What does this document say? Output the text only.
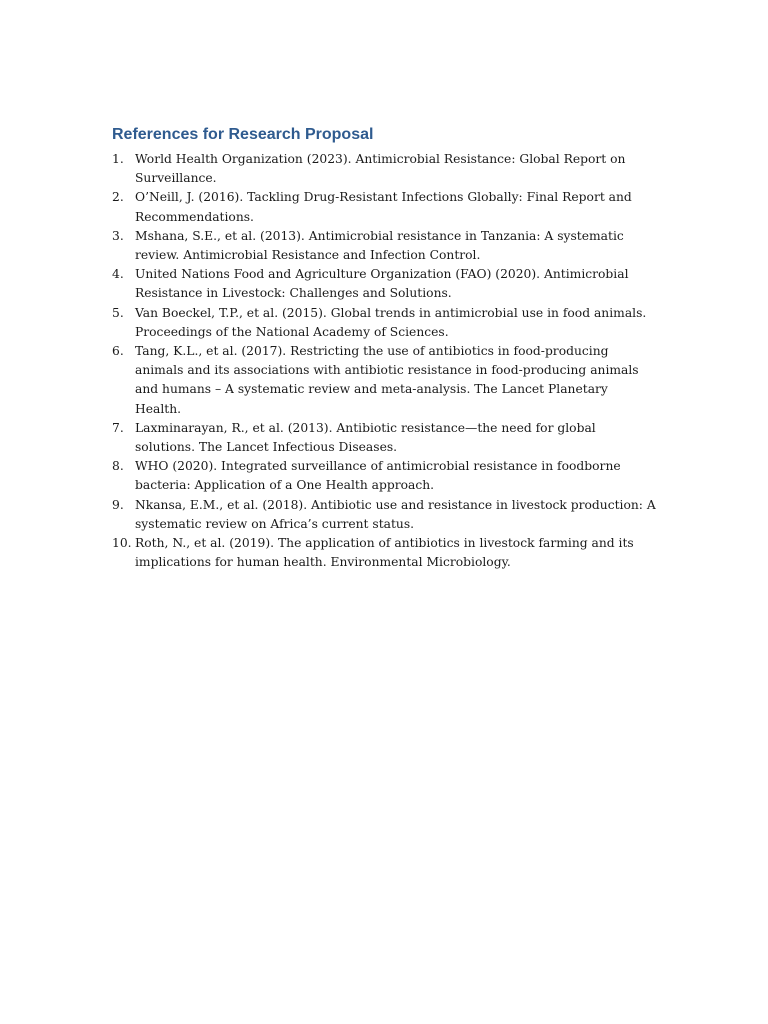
References for Research Proposal
1. World Health Organization (2023). Antimicrobial Resistance: Global Report on Surveillance.
2. O’Neill, J. (2016). Tackling Drug-Resistant Infections Globally: Final Report and Recommendations.
3. Mshana, S.E., et al. (2013). Antimicrobial resistance in Tanzania: A systematic review. Antimicrobial Resistance and Infection Control.
4. United Nations Food and Agriculture Organization (FAO) (2020). Antimicrobial Resistance in Livestock: Challenges and Solutions.
5. Van Boeckel, T.P., et al. (2015). Global trends in antimicrobial use in food animals. Proceedings of the National Academy of Sciences.
6. Tang, K.L., et al. (2017). Restricting the use of antibiotics in food-producing animals and its associations with antibiotic resistance in food-producing animals and humans – A systematic review and meta-analysis. The Lancet Planetary Health.
7. Laxminarayan, R., et al. (2013). Antibiotic resistance—the need for global solutions. The Lancet Infectious Diseases.
8. WHO (2020). Integrated surveillance of antimicrobial resistance in foodborne bacteria: Application of a One Health approach.
9. Nkansa, E.M., et al. (2018). Antibiotic use and resistance in livestock production: A systematic review on Africa’s current status.
10. Roth, N., et al. (2019). The application of antibiotics in livestock farming and its implications for human health. Environmental Microbiology.
